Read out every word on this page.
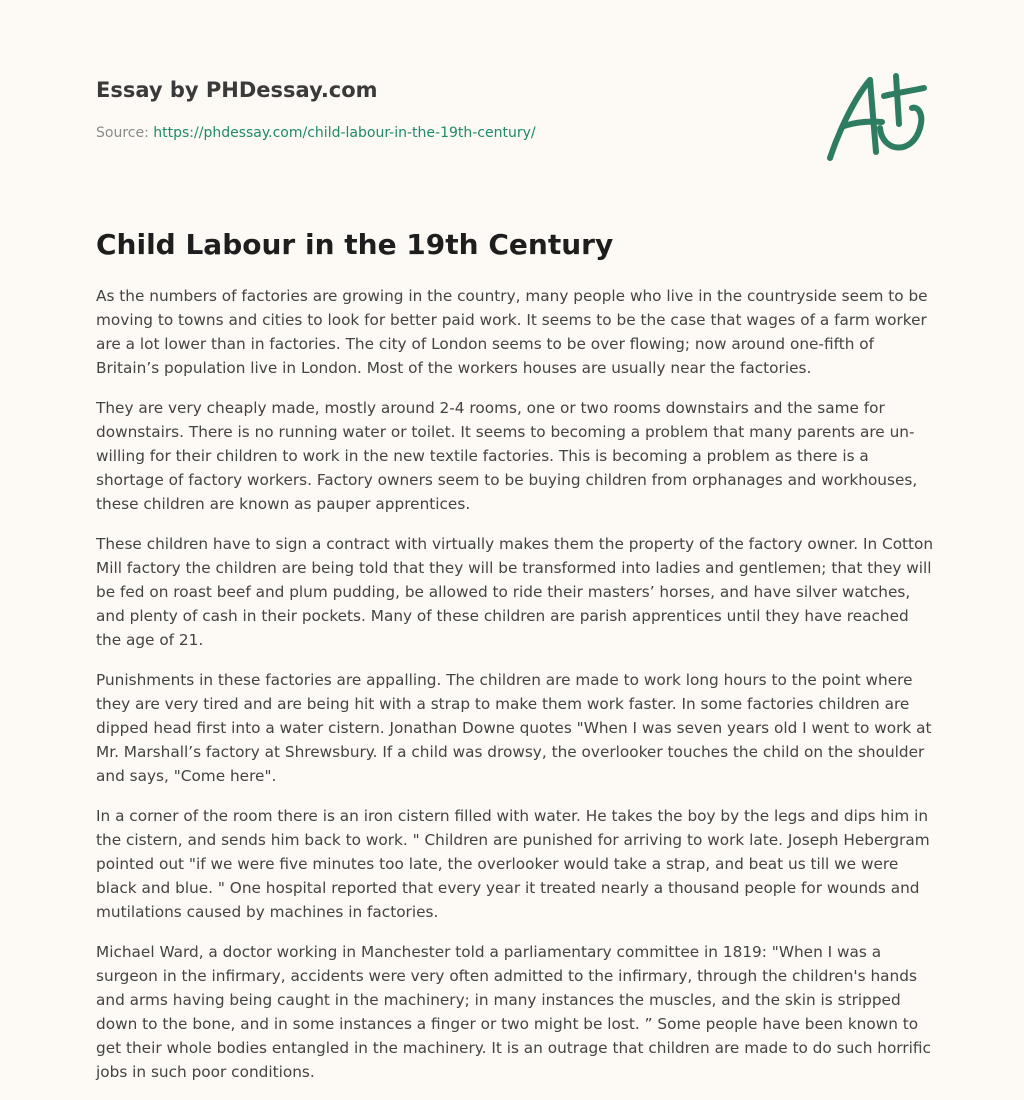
Essay by PHDessay.com
Source: https://phdessay.com/child-labour-in-the-19th-century/
Child Labour in the 19th Century

As the numbers of factories are growing in the country, many people who live in the countryside seem to be moving to towns and cities to look for better paid work. It seems to be the case that wages of a farm worker are a lot lower than in factories. The city of London seems to be over flowing; now around one-fifth of Britain’s population live in London. Most of the workers houses are usually near the factories.

They are very cheaply made, mostly around 2-4 rooms, one or two rooms downstairs and the same for downstairs. There is no running water or toilet. It seems to becoming a problem that many parents are un-willing for their children to work in the new textile factories. This is becoming a problem as there is a shortage of factory workers. Factory owners seem to be buying children from orphanages and workhouses, these children are known as pauper apprentices.

These children have to sign a contract with virtually makes them the property of the factory owner. In Cotton Mill factory the children are being told that they will be transformed into ladies and gentlemen; that they will be fed on roast beef and plum pudding, be allowed to ride their masters’ horses, and have silver watches, and plenty of cash in their pockets. Many of these children are parish apprentices until they have reached the age of 21.

Punishments in these factories are appalling. The children are made to work long hours to the point where they are very tired and are being hit with a strap to make them work faster. In some factories children are dipped head first into a water cistern. Jonathan Downe quotes "When I was seven years old I went to work at Mr. Marshall’s factory at Shrewsbury. If a child was drowsy, the overlooker touches the child on the shoulder and says, "Come here".

In a corner of the room there is an iron cistern filled with water. He takes the boy by the legs and dips him in the cistern, and sends him back to work. " Children are punished for arriving to work late. Joseph Hebergram pointed out "if we were five minutes too late, the overlooker would take a strap, and beat us till we were black and blue. " One hospital reported that every year it treated nearly a thousand people for wounds and mutilations caused by machines in factories.

Michael Ward, a doctor working in Manchester told a parliamentary committee in 1819: "When I was a surgeon in the infirmary, accidents were very often admitted to the infirmary, through the children's hands and arms having being caught in the machinery; in many instances the muscles, and the skin is stripped down to the bone, and in some instances a finger or two might be lost. ” Some people have been known to get their whole bodies entangled in the machinery. It is an outrage that children are made to do such horrific jobs in such poor conditions.
